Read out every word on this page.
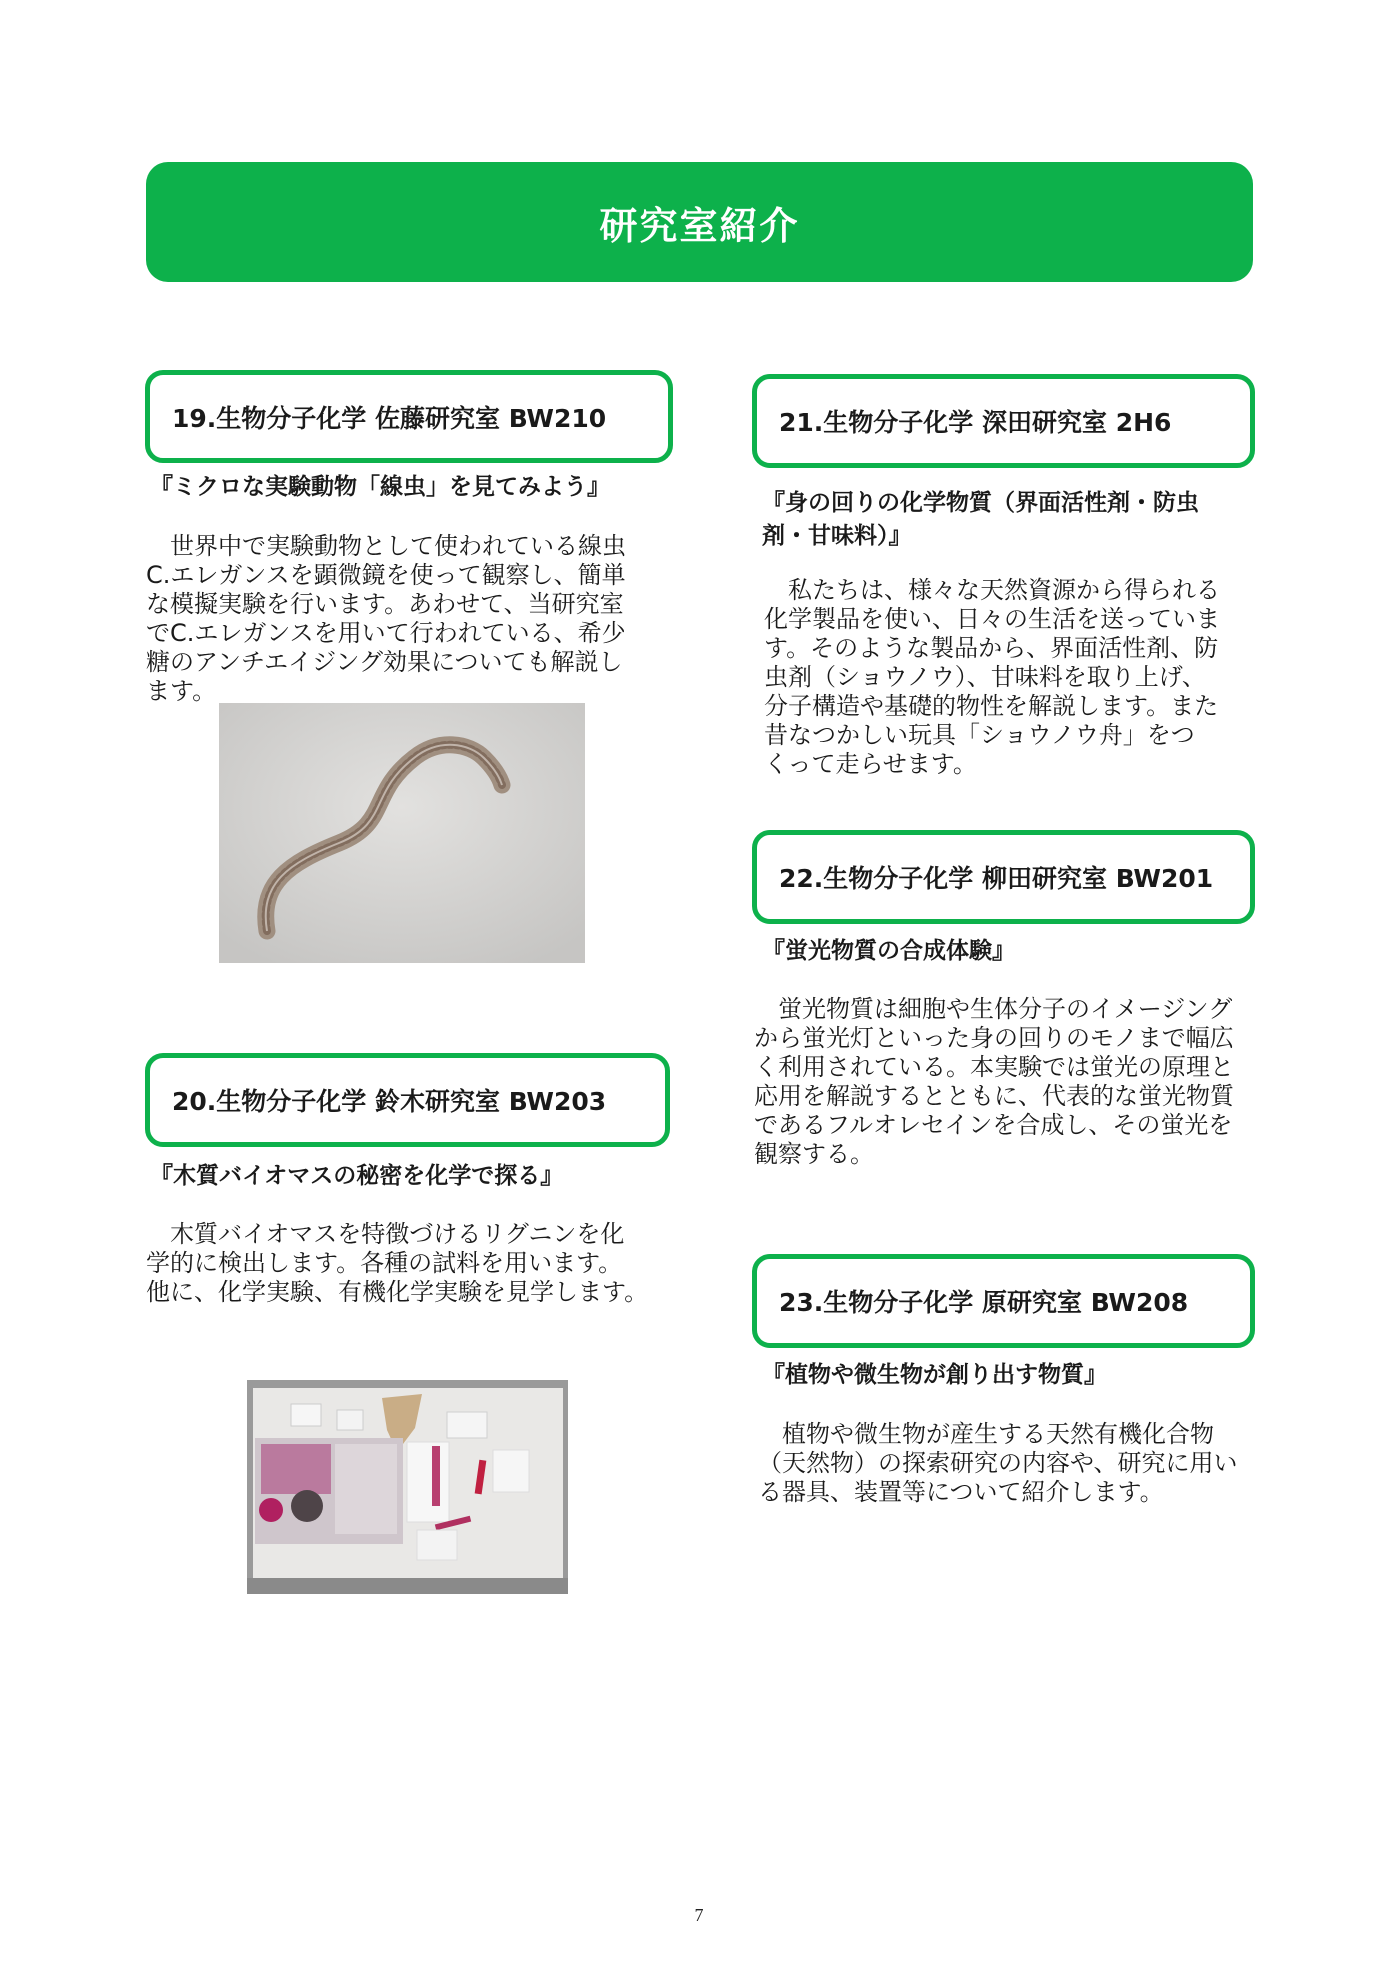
研究室紹介
19.生物分子化学 佐藤研究室 BW210
『ミクロな実験動物「線虫」を見てみよう』

　世界中で実験動物として使われている線虫

C.エレガンスを顕微鏡を使って観察し、簡単

な模擬実験を行います。あわせて、当研究室

でC.エレガンスを用いて行われている、希少

糖のアンチエイジング効果についても解説し

ます。

20.生物分子化学 鈴木研究室 BW203
『木質バイオマスの秘密を化学で探る』

　木質バイオマスを特徴づけるリグニンを化

学的に検出します。各種の試料を用います。

他に、化学実験、有機化学実験を見学します。

21.生物分子化学 深田研究室 2H6
『身の回りの化学物質（界面活性剤・防虫
剤・甘味料）』

　私たちは、様々な天然資源から得られる

化学製品を使い、日々の生活を送っていま

す。そのような製品から、界面活性剤、防

虫剤（ショウノウ）、甘味料を取り上げ、

分子構造や基礎的物性を解説します。また

昔なつかしい玩具「ショウノウ舟」をつ

くって走らせます。

22.生物分子化学 柳田研究室 BW201
『蛍光物質の合成体験』

　蛍光物質は細胞や生体分子のイメージング

から蛍光灯といった身の回りのモノまで幅広

く利用されている。本実験では蛍光の原理と

応用を解説するとともに、代表的な蛍光物質

であるフルオレセインを合成し、その蛍光を

観察する。

23.生物分子化学 原研究室 BW208
『植物や微生物が創り出す物質』

　植物や微生物が産生する天然有機化合物

（天然物）の探索研究の内容や、研究に用い

る器具、装置等について紹介します。

7
